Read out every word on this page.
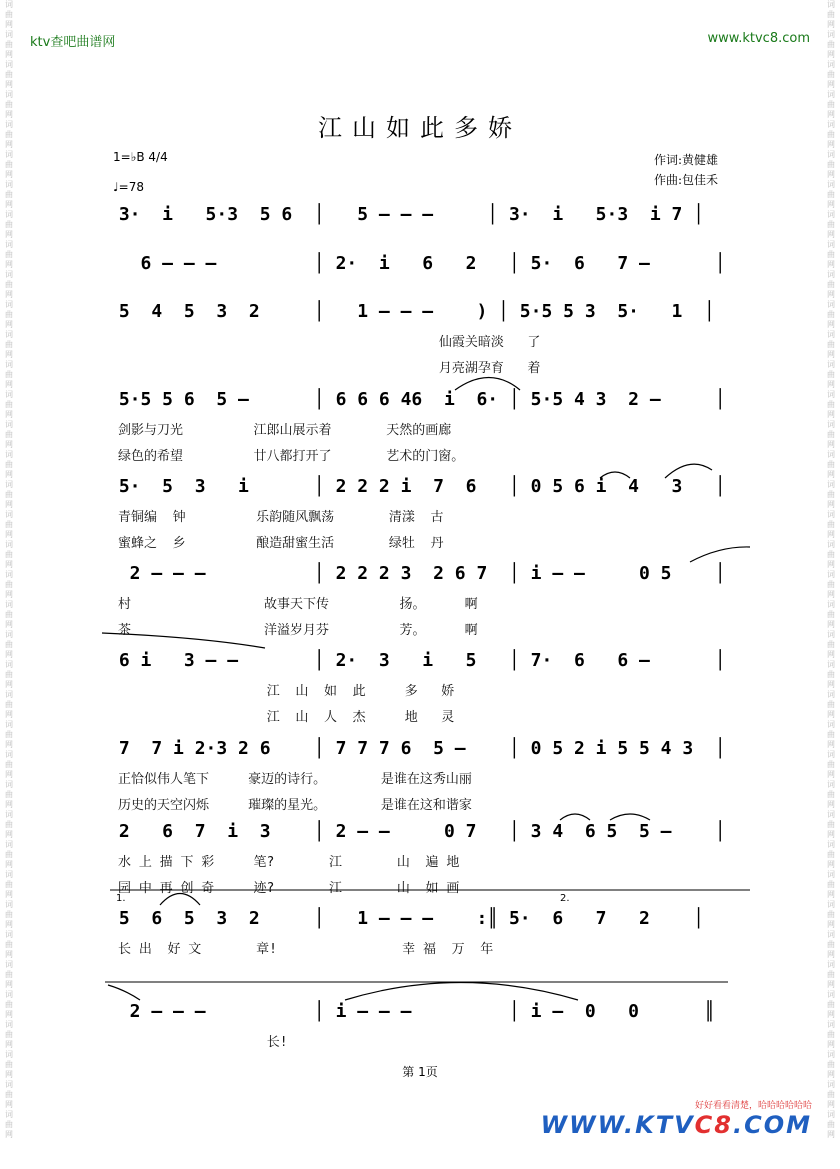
词
曲
网
词
曲
网
词
曲
网
词
曲
网
词
曲
网
词
曲
网
词
曲
网
词
曲
网
词
曲
网
词
曲
网
词
曲
网
词
曲
网
词
曲
网
词
曲
网
词
曲
网
词
曲
网
词
曲
网
词
曲
网
词
曲
网
词
曲
网
词
曲
网
词
曲
网
词
曲
网
词
曲
网
词
曲
网
词
曲
网
词
曲
网
词
曲
网
词
曲
网
词
曲
网
词
曲
网
词
曲
网
词
曲
网
词
曲
网
词
曲
网
词
曲
网
词
曲
网
词
曲
网
词
曲
网
词
曲
网
词
曲
网
词
曲
网
词
曲
网
词
曲
网
词
曲
网
词
曲
网
词
曲
网
词
曲
网
词
曲
网
词
曲
网
词
曲
网
词
曲
网
词
曲
网
词
曲
网
词
曲
网
词
曲
网
词
曲
网
词
曲
网
词
曲
网
词
曲
网
词
曲
网
词
曲
网
词
曲
网
词
曲
网
词
曲
网
词
曲
网
词
曲
网
词
曲
网
词
曲
网
词
曲
网
词
曲
网
词
曲
网
词
曲
网
词
曲
网
词
曲
网
词
曲
网
ktv查吧曲谱网	www.ktvc8.com
江山如此多娇
1=♭B 4/4
♩=78
作词:黄健雄
作曲:包佳禾
3·  i   5·3  5 6  │   5 – – –     │ 3·  i   5·3  i 7 │
6 – – –         │ 2·  i   6   2   │ 5·  6   7 –      │
5  4  5  3  2     │   1 – – –    ) │ 5·5 5 3  5·   1  │
仙霞关暗淡   了
月亮湖孕育   着
5·5 5 6  5 –      │ 6 6 6 46  i  6· │ 5·5 4 3  2 –     │
剑影与刀光         江郎山展示着       天然的画廊
绿色的希望         廿八都打开了       艺术的门窗。
5·  5  3   i      │ 2 2 2 i  7  6   │ 0 5 6 i  4   3   │
青铜编  钟         乐韵随风飘荡       清漾  古
蜜蜂之  乡         酿造甜蜜生活       绿牡  丹
2 – – –          │ 2 2 2 3  2 6 7  │ i – –     0 5    │
村                 故事天下传         扬。     啊
茶                 洋溢岁月芬         芳。     啊
6 i   3 – –       │ 2·  3   i   5   │ 7·  6   6 –      │
江  山  如  此     多   娇
江  山  人  杰     地   灵
7  7 i 2·3 2 6    │ 7 7 7 6  5 –    │ 0 5 2 i 5 5 4 3  │
正恰似伟人笔下     豪迈的诗行。       是谁在这秀山丽
历史的天空闪烁     璀璨的星光。       是谁在这和谐家
2   6  7  i  3    │ 2 – –     0 7   │ 3 4  6 5  5 –    │
水 上 描 下 彩     笔?       江       山  遍 地
园 中 再 创 奇     迹?       江       山  如 画
5  6  5  3  2     │   1 – – –    :║ 5·  6   7   2    │
长 出  好 文       章!                幸 福  万  年
2 – – –          │ i – – –         │ i –  0   0      ║
长!
1.	2.
第 1页
好好看看清楚，哈哈哈哈哈哈
WWW.KTVC8.COM
